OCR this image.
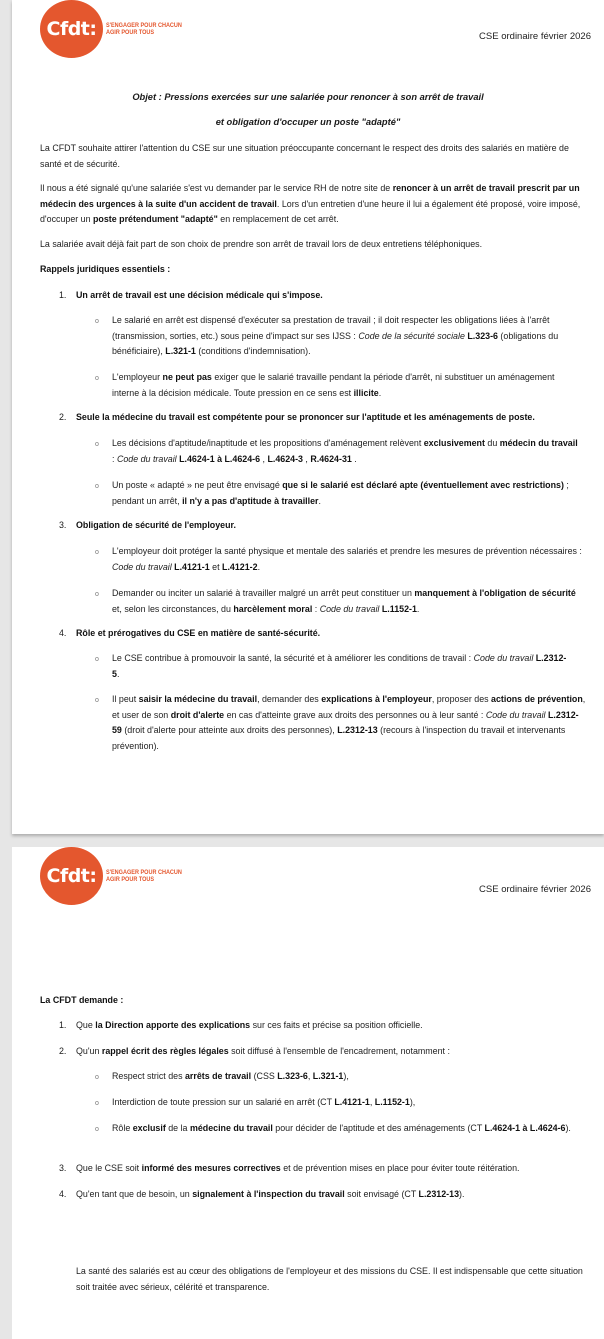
Cfdt:	S'ENGAGER POUR CHACUN
AGIR POUR TOUS	CSE ordinaire février 2026
Objet : Pressions exercées sur une salariée pour renoncer à son arrêt de travail
et obligation d'occuper un poste "adapté"
La CFDT souhaite attirer l'attention du CSE sur une situation préoccupante concernant le respect des droits des salariés en matière de santé et de sécurité.
Il nous a été signalé qu'une salariée s'est vu demander par le service RH de notre site de renoncer à un arrêt de travail prescrit par un médecin des urgences à la suite d'un accident de travail. Lors d'un entretien d'une heure il lui a également été proposé, voire imposé, d'occuper un poste prétendument "adapté" en remplacement de cet arrêt.
La salariée avait déjà fait part de son choix de prendre son arrêt de travail lors de deux entretiens téléphoniques.
Rappels juridiques essentiels :
1. Un arrêt de travail est une décision médicale qui s'impose.
o Le salarié en arrêt est dispensé d'exécuter sa prestation de travail ; il doit respecter les obligations liées à l'arrêt (transmission, sorties, etc.) sous peine d'impact sur ses IJSS : Code de la sécurité sociale L.323-6 (obligations du bénéficiaire), L.321-1 (conditions d'indemnisation).
o L'employeur ne peut pas exiger que le salarié travaille pendant la période d'arrêt, ni substituer un aménagement interne à la décision médicale. Toute pression en ce sens est illicite.
2. Seule la médecine du travail est compétente pour se prononcer sur l'aptitude et les aménagements de poste.
o Les décisions d'aptitude/inaptitude et les propositions d'aménagement relèvent exclusivement du médecin du travail : Code du travail L.4624-1 à L.4624-6 , L.4624-3 , R.4624-31 .
o Un poste « adapté » ne peut être envisagé que si le salarié est déclaré apte (éventuellement avec restrictions) ; pendant un arrêt, il n'y a pas d'aptitude à travailler.
3. Obligation de sécurité de l'employeur.
o L'employeur doit protéger la santé physique et mentale des salariés et prendre les mesures de prévention nécessaires : Code du travail L.4121-1 et L.4121-2.
o Demander ou inciter un salarié à travailler malgré un arrêt peut constituer un manquement à l'obligation de sécurité et, selon les circonstances, du harcèlement moral : Code du travail L.1152-1.
4. Rôle et prérogatives du CSE en matière de santé-sécurité.
o Le CSE contribue à promouvoir la santé, la sécurité et à améliorer les conditions de travail : Code du travail L.2312-5.
o Il peut saisir la médecine du travail, demander des explications à l'employeur, proposer des actions de prévention, et user de son droit d'alerte en cas d'atteinte grave aux droits des personnes ou à leur santé : Code du travail L.2312-59 (droit d'alerte pour atteinte aux droits des personnes), L.2312-13 (recours à l'inspection du travail et intervenants prévention).
Cfdt:	S'ENGAGER POUR CHACUN
AGIR POUR TOUS
CSE ordinaire février 2026
La CFDT demande :
1. Que la Direction apporte des explications sur ces faits et précise sa position officielle.
2. Qu'un rappel écrit des règles légales soit diffusé à l'ensemble de l'encadrement, notamment :
o Respect strict des arrêts de travail (CSS L.323-6, L.321-1),
o Interdiction de toute pression sur un salarié en arrêt (CT L.4121-1, L.1152-1),
o Rôle exclusif de la médecine du travail pour décider de l'aptitude et des aménagements (CT L.4624-1 à L.4624-6).
3. Que le CSE soit informé des mesures correctives et de prévention mises en place pour éviter toute réitération.
4. Qu'en tant que de besoin, un signalement à l'inspection du travail soit envisagé (CT L.2312-13).
La santé des salariés est au cœur des obligations de l'employeur et des missions du CSE. Il est indispensable que cette situation soit traitée avec sérieux, célérité et transparence.
